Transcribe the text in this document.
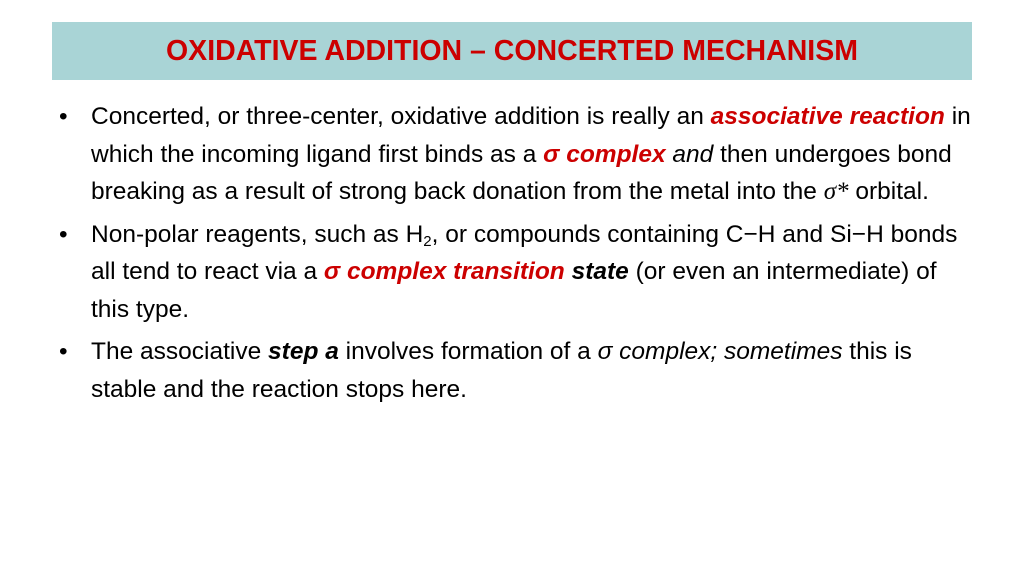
OXIDATIVE ADDITION – CONCERTED MECHANISM
• Concerted, or three-center, oxidative addition is really an associative reaction in which the incoming ligand first binds as a σ complex and then undergoes bond breaking as a result of strong back donation from the metal into the σ* orbital.
• Non-polar reagents, such as $H_2$, or compounds containing C−H and Si−H bonds all tend to react via a σ complex transition state (or even an intermediate) of this type.
• The associative step a involves formation of a σ complex; sometimes this is stable and the reaction stops here.
